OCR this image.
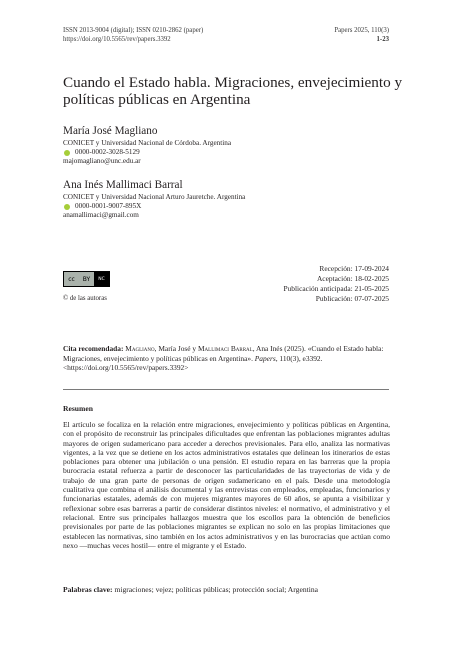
ISSN 2013-9004 (digital); ISSN 0210-2862 (paper)
https://doi.org/10.5565/rev/papers.3392
Papers 2025, 110(3)
1-23
Cuando el Estado habla. Migraciones, envejecimiento y políticas públicas en Argentina
María José Magliano
CONICET y Universidad Nacional de Córdoba. Argentina
0000-0002-3028-5129
majomagliano@unc.edu.ar
Ana Inés Mallimaci Barral
CONICET y Universidad Nacional Arturo Jauretche. Argentina
0000-0001-9007-895X
anamallimaci@gmail.com
cc	BY	NC
© de las autoras
Recepción: 17-09-2024
Aceptación: 18-02-2025
Publicación anticipada: 21-05-2025
Publicación: 07-07-2025
Cita recomendada: Magliano, María José y Mallimaci Barral, Ana Inés (2025). «Cuando el Estado habla: Migraciones, envejecimiento y políticas públicas en Argentina». Papers, 110(3), e3392. <https://doi.org/10.5565/rev/papers.3392>
Resumen
El artículo se focaliza en la relación entre migraciones, envejecimiento y políticas públicas en Argentina, con el propósito de reconstruir las principales dificultades que enfrentan las poblaciones migrantes adultas mayores de origen sudamericano para acceder a derechos previsionales. Para ello, analiza las normativas vigentes, a la vez que se detiene en los actos administrativos estatales que delinean los itinerarios de estas poblaciones para obtener una jubilación o una pensión. El estudio repara en las barreras que la propia burocracia estatal refuerza a partir de desconocer las particularidades de las trayectorias de vida y de trabajo de una gran parte de personas de origen sudamericano en el país. Desde una metodología cualitativa que combina el análisis documental y las entrevistas con empleados, empleadas, funcionarios y funcionarias estatales, además de con mujeres migrantes mayores de 60 años, se apunta a visibilizar y reflexionar sobre esas barreras a partir de considerar distintos niveles: el normativo, el administrativo y el relacional. Entre sus principales hallazgos muestra que los escollos para la obtención de beneficios previsionales por parte de las poblaciones migrantes se explican no solo en las propias limitaciones que establecen las normativas, sino también en los actos administrativos y en las burocracias que actúan como nexo —muchas veces hostil— entre el migrante y el Estado.
Palabras clave: migraciones; vejez; políticas públicas; protección social; Argentina
